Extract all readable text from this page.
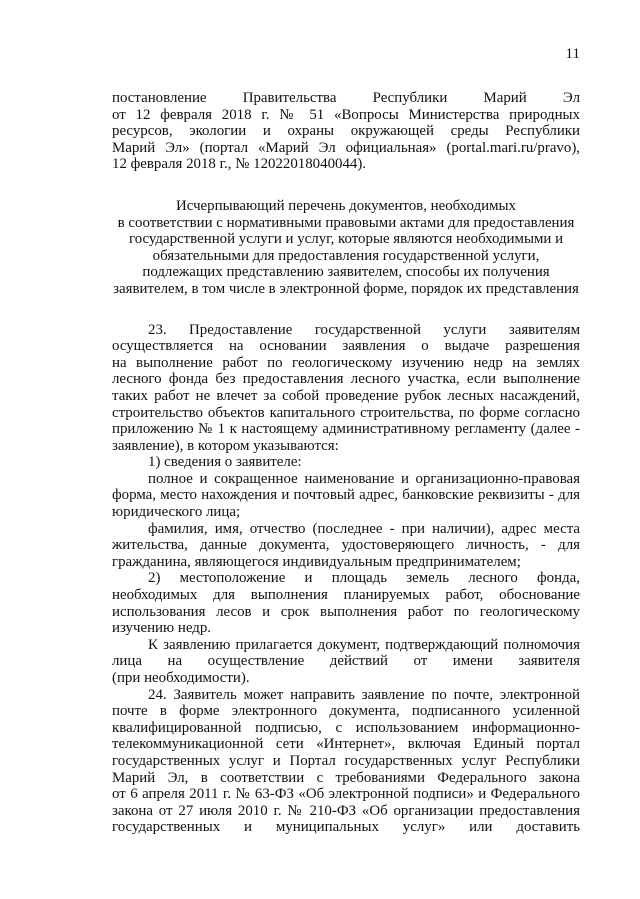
11
постановление Правительства Республики Марий Эл
от 12 февраля 2018 г. № 51 «Вопросы Министерства природных
ресурсов, экологии и охраны окружающей среды Республики
Марий Эл» (портал «Марий Эл официальная» (portal.mari.ru/pravo),
12 февраля 2018 г., № 12022018040044).
Исчерпывающий перечень документов, необходимых
в соответствии с нормативными правовыми актами для предоставления
государственной услуги и услуг, которые являются необходимыми и
обязательными для предоставления государственной услуги,
подлежащих представлению заявителем, способы их получения
заявителем, в том числе в электронной форме, порядок их представления
23. Предоставление государственной услуги заявителям
осуществляется на основании заявления о выдаче разрешения
на выполнение работ по геологическому изучению недр на землях
лесного фонда без предоставления лесного участка, если выполнение
таких работ не влечет за собой проведение рубок лесных насаждений,
строительство объектов капитального строительства, по форме согласно
приложению № 1 к настоящему административному регламенту (далее -
заявление), в котором указываются:
1) сведения о заявителе:
полное и сокращенное наименование и организационно-правовая
форма, место нахождения и почтовый адрес, банковские реквизиты - для
юридического лица;
фамилия, имя, отчество (последнее - при наличии), адрес места
жительства, данные документа, удостоверяющего личность, - для
гражданина, являющегося индивидуальным предпринимателем;
2) местоположение и площадь земель лесного фонда,
необходимых для выполнения планируемых работ, обоснование
использования лесов и срок выполнения работ по геологическому
изучению недр.
К заявлению прилагается документ, подтверждающий полномочия
лица на осуществление действий от имени заявителя
(при необходимости).
24. Заявитель может направить заявление по почте, электронной
почте в форме электронного документа, подписанного усиленной
квалифицированной подписью, с использованием информационно-
телекоммуникационной сети «Интернет», включая Единый портал
государственных услуг и Портал государственных услуг Республики
Марий Эл, в соответствии с требованиями Федерального закона
от 6 апреля 2011 г. № 63-ФЗ «Об электронной подписи» и Федерального
закона от 27 июля 2010 г. № 210-ФЗ «Об организации предоставления
государственных и муниципальных услуг» или доставить
